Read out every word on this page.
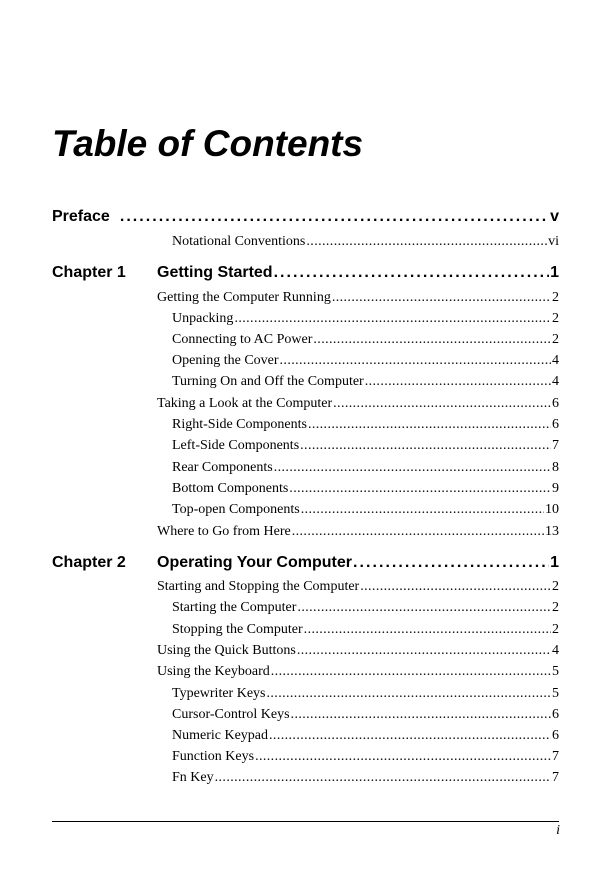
Table of Contents
Preface . . .	v
Notational Conventions . . .	vi
Chapter 1 Getting Started . . .	1
Getting the Computer Running . . .	2
Unpacking . . .	2
Connecting to AC Power . . .	2
Opening the Cover . . .	4
Turning On and Off the Computer . . .	4
Taking a Look at the Computer . . .	6
Right-Side Components . . .	6
Left-Side Components . . .	7
Rear Components . . .	8
Bottom Components . . .	9
Top-open Components . . .	10
Where to Go from Here . . .	13
Chapter 2 Operating Your Computer . . .	1
Starting and Stopping the Computer . . .	2
Starting the Computer . . .	2
Stopping the Computer . . .	2
Using the Quick Buttons . . .	4
Using the Keyboard . . .	5
Typewriter Keys . . .	5
Cursor-Control Keys . . .	6
Numeric Keypad . . .	6
Function Keys . . .	7
Fn Key . . .	7
i
